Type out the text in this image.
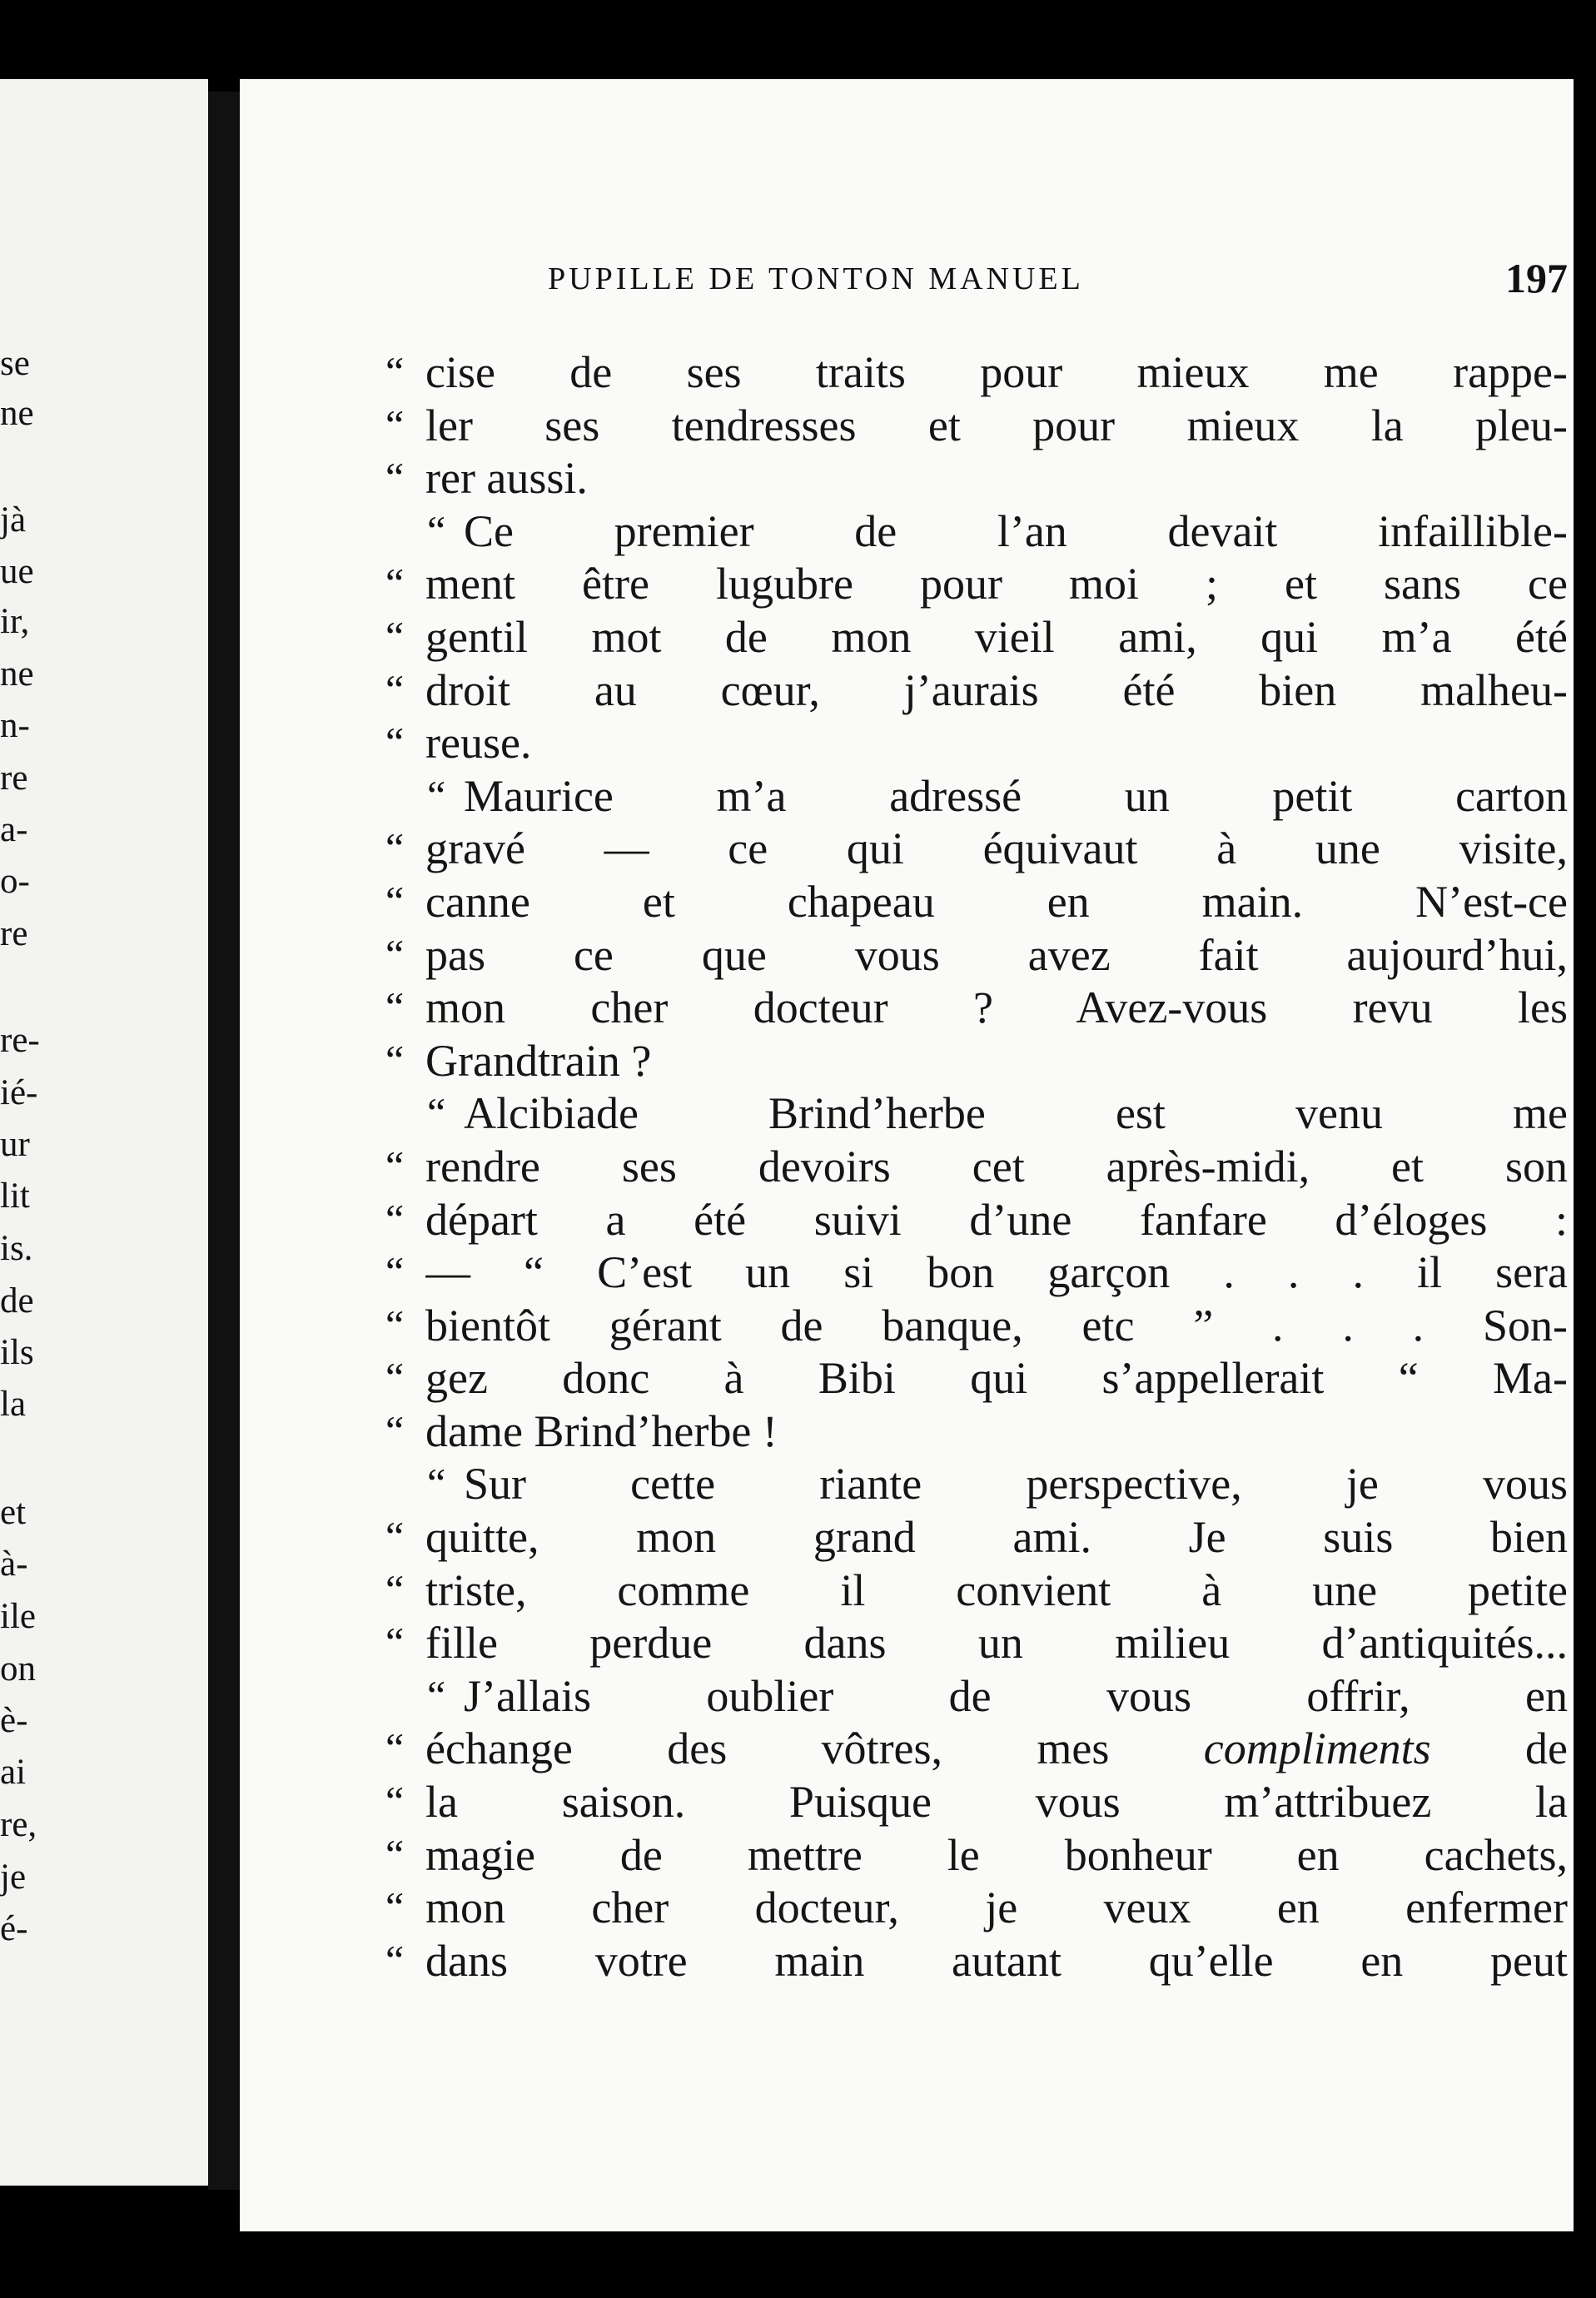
se

ne

jà

ue

ir,

ne

n-

re

a-

o-

re

re-

ié-

ur

lit

is.

de

ils

la

et

à-

ile

on

è-

ai

re,

je

é-

PUPILLE DE TONTON MANUEL	197

“ cise de ses traits pour mieux me rappe-

“ ler ses tendresses et pour mieux la pleu-

“ rer aussi.

“ Ce premier de l’an devait infaillible-

“ ment être lugubre pour moi ; et sans ce

“ gentil mot de mon vieil ami, qui m’a été

“ droit au cœur, j’aurais été bien malheu-

“ reuse.

“ Maurice m’a adressé un petit carton

“ gravé — ce qui équivaut à une visite,

“ canne et chapeau en main. N’est-ce

“ pas ce que vous avez fait aujourd’hui,

“ mon cher docteur ? Avez-vous revu les

“ Grandtrain ?

“ Alcibiade Brind’herbe est venu me

“ rendre ses devoirs cet après-midi, et son

“ départ a été suivi d’une fanfare d’éloges :

“ — “ C’est un si bon garçon . . . il sera

“ bientôt gérant de banque, etc ” . . . Son-

“ gez donc à Bibi qui s’appellerait “ Ma-

“ dame Brind’herbe !

“ Sur cette riante perspective, je vous

“ quitte, mon grand ami. Je suis bien

“ triste, comme il convient à une petite

“ fille perdue dans un milieu d’antiquités...

“ J’allais oublier de vous offrir, en

“ échange des vôtres, mes compliments de

“ la saison. Puisque vous m’attribuez la

“ magie de mettre le bonheur en cachets,

“ mon cher docteur, je veux en enfermer

“ dans votre main autant qu’elle en peut
